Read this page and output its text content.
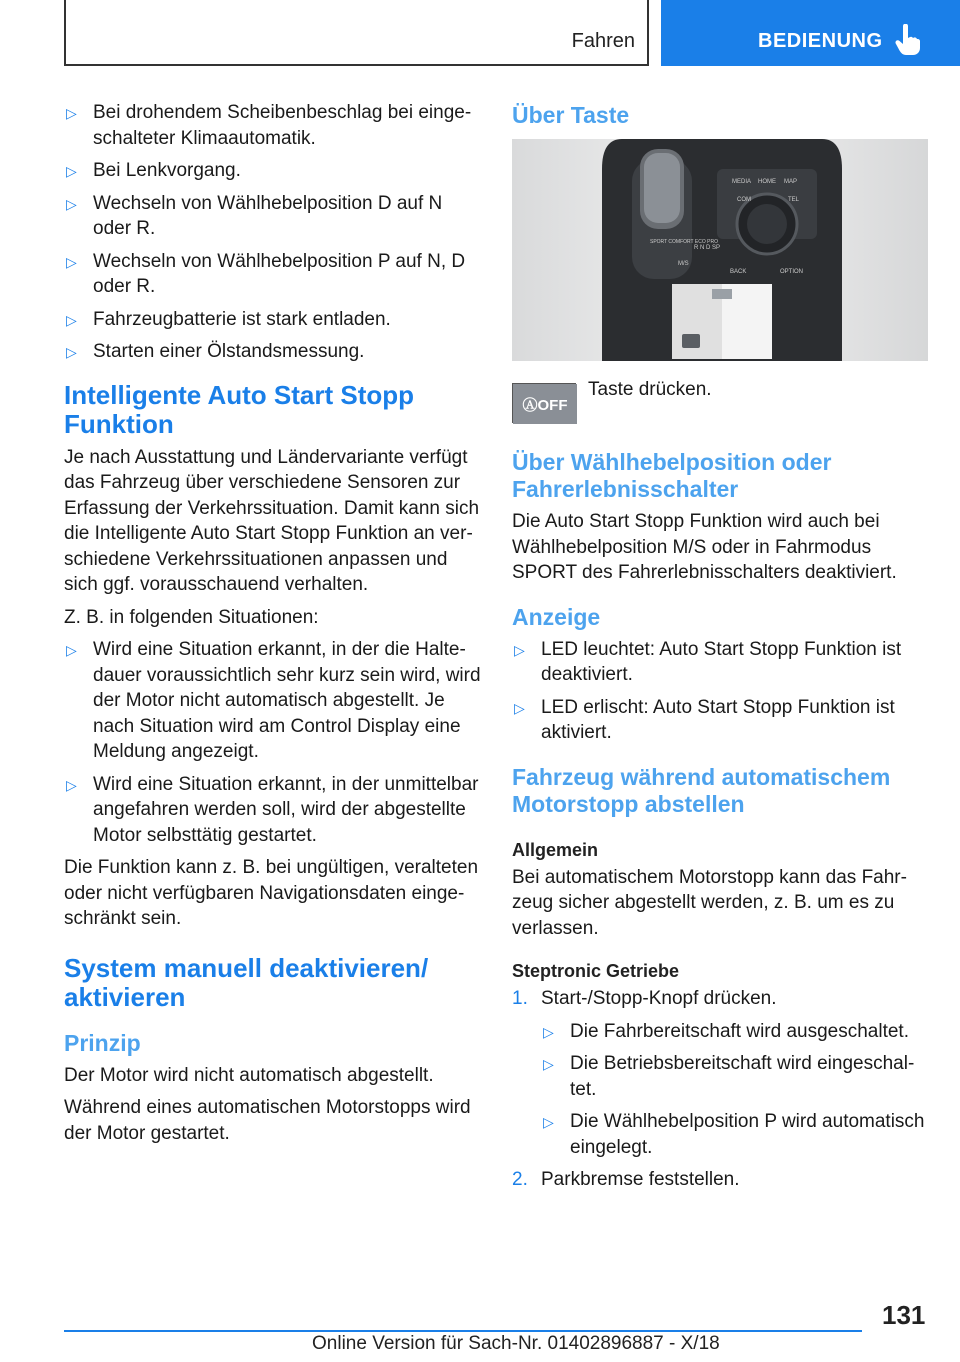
Fahren	BEDIENUNG
▷ Bei drohendem Scheibenbeschlag bei eingeschalteter Klimaautomatik.
▷ Bei Lenkvorgang.
▷ Wechseln von Wählhebelposition D auf N oder R.
▷ Wechseln von Wählhebelposition P auf N, D oder R.
▷ Fahrzeugbatterie ist stark entladen.
▷ Starten einer Ölstandsmessung.
Intelligente Auto Start Stopp Funktion

Je nach Ausstattung und Ländervariante verfügt das Fahrzeug über verschiedene Sensoren zur Erfassung der Verkehrssituation. Damit kann sich die Intelligente Auto Start Stopp Funktion an verschiedene Verkehrssituationen anpassen und sich ggf. vorausschauend verhalten.

Z. B. in folgenden Situationen:

▷ Wird eine Situation erkannt, in der die Haltedauer voraussichtlich sehr kurz sein wird, wird der Motor nicht automatisch abgestellt. Je nach Situation wird am Control Display eine Meldung angezeigt.
▷ Wird eine Situation erkannt, in der unmittelbar angefahren werden soll, wird der abgestellte Motor selbsttätig gestartet.

Die Funktion kann z. B. bei ungültigen, veralteten oder nicht verfügbaren Navigationsdaten eingeschränkt sein.

System manuell deaktivieren/ aktivieren
Prinzip

Der Motor wird nicht automatisch abgestellt.

Während eines automatischen Motorstopps wird der Motor gestartet.

Über Taste
MEDIA HOME MAP
COM	TEL
BACK	OPTION
R N D SP
M/S
SPORT COMFORT ECO PRO
ⒶOFF
Taste drücken.
Über Wählhebelposition oder Fahrerlebnisschalter

Die Auto Start Stopp Funktion wird auch bei Wählhebelposition M/S oder in Fahrmodus SPORT des Fahrerlebnisschalters deaktiviert.

Anzeige
▷ LED leuchtet: Auto Start Stopp Funktion ist deaktiviert.
▷ LED erlischt: Auto Start Stopp Funktion ist aktiviert.
Fahrzeug während automatischem Motorstopp abstellen
Allgemein

Bei automatischem Motorstopp kann das Fahrzeug sicher abgestellt werden, z. B. um es zu verlassen.

Steptronic Getriebe
1. Start-/Stopp-Knopf drücken.
▷ Die Fahrbereitschaft wird ausgeschaltet.
▷ Die Betriebsbereitschaft wird eingeschaltet.
▷ Die Wählhebelposition P wird automatisch eingelegt.
2. Parkbremse feststellen.
131
Online Version für Sach-Nr. 01402896887 - X/18
